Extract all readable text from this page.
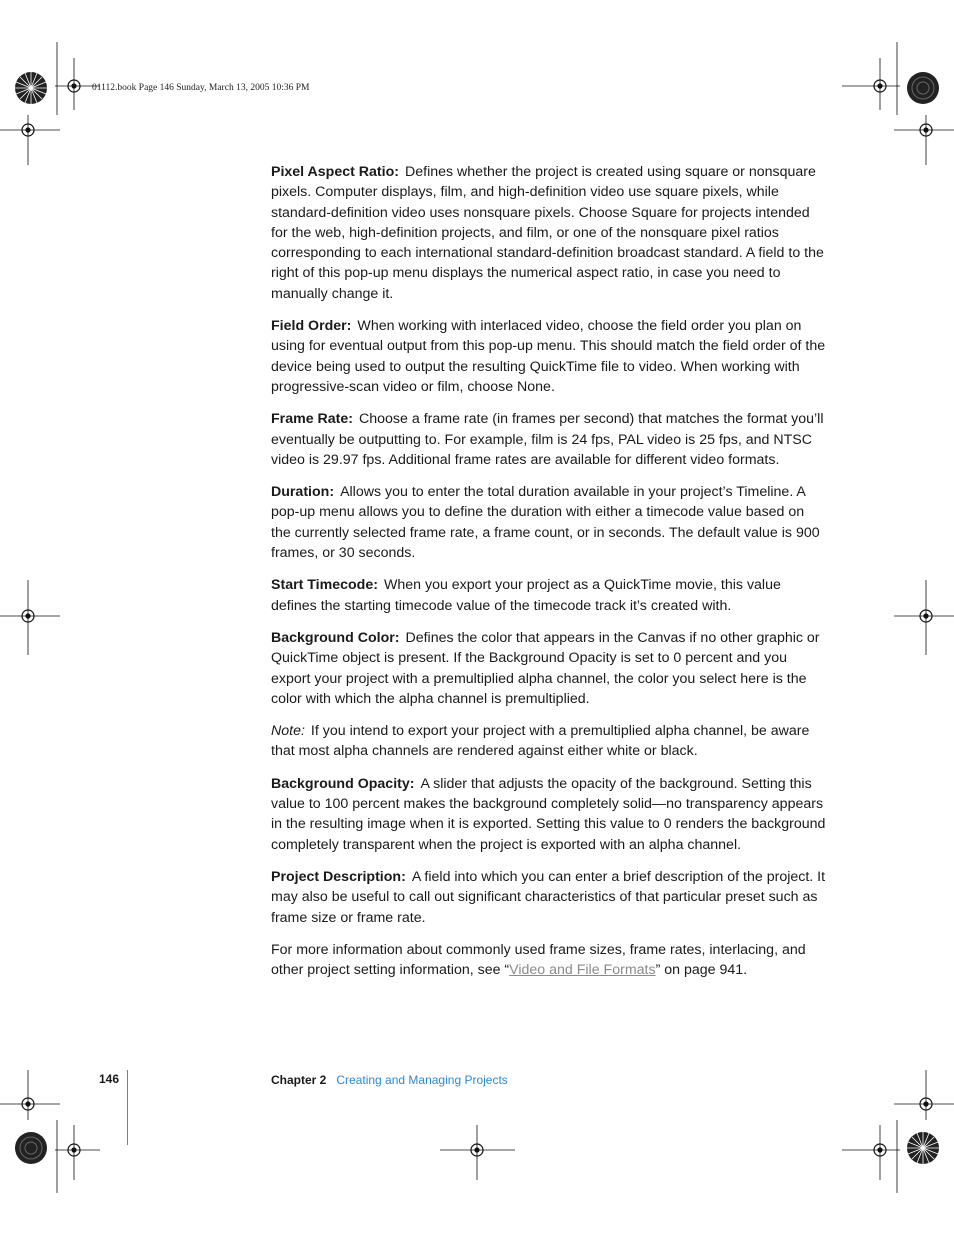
01112.book Page 146 Sunday, March 13, 2005 10:36 PM

Pixel Aspect Ratio: Defines whether the project is created using square or nonsquare pixels. Computer displays, film, and high-definition video use square pixels, while standard-definition video uses nonsquare pixels. Choose Square for projects intended for the web, high-definition projects, and film, or one of the nonsquare pixel ratios corresponding to each international standard-definition broadcast standard. A field to the right of this pop-up menu displays the numerical aspect ratio, in case you need to manually change it.

Field Order: When working with interlaced video, choose the field order you plan on using for eventual output from this pop-up menu. This should match the field order of the device being used to output the resulting QuickTime file to video. When working with progressive-scan video or film, choose None.

Frame Rate: Choose a frame rate (in frames per second) that matches the format you’ll eventually be outputting to. For example, film is 24 fps, PAL video is 25 fps, and NTSC video is 29.97 fps. Additional frame rates are available for different video formats.

Duration: Allows you to enter the total duration available in your project’s Timeline. A pop-up menu allows you to define the duration with either a timecode value based on the currently selected frame rate, a frame count, or in seconds. The default value is 900 frames, or 30 seconds.

Start Timecode: When you export your project as a QuickTime movie, this value defines the starting timecode value of the timecode track it’s created with.

Background Color: Defines the color that appears in the Canvas if no other graphic or QuickTime object is present. If the Background Opacity is set to 0 percent and you export your project with a premultiplied alpha channel, the color you select here is the color with which the alpha channel is premultiplied.

Note: If you intend to export your project with a premultiplied alpha channel, be aware that most alpha channels are rendered against either white or black.

Background Opacity: A slider that adjusts the opacity of the background. Setting this value to 100 percent makes the background completely solid—no transparency appears in the resulting image when it is exported. Setting this value to 0 renders the background completely transparent when the project is exported with an alpha channel.

Project Description: A field into which you can enter a brief description of the project. It may also be useful to call out significant characteristics of that particular preset such as frame size or frame rate.

For more information about commonly used frame sizes, frame rates, interlacing, and other project setting information, see “Video and File Formats” on page 941.

146	Chapter 2 Creating and Managing Projects
